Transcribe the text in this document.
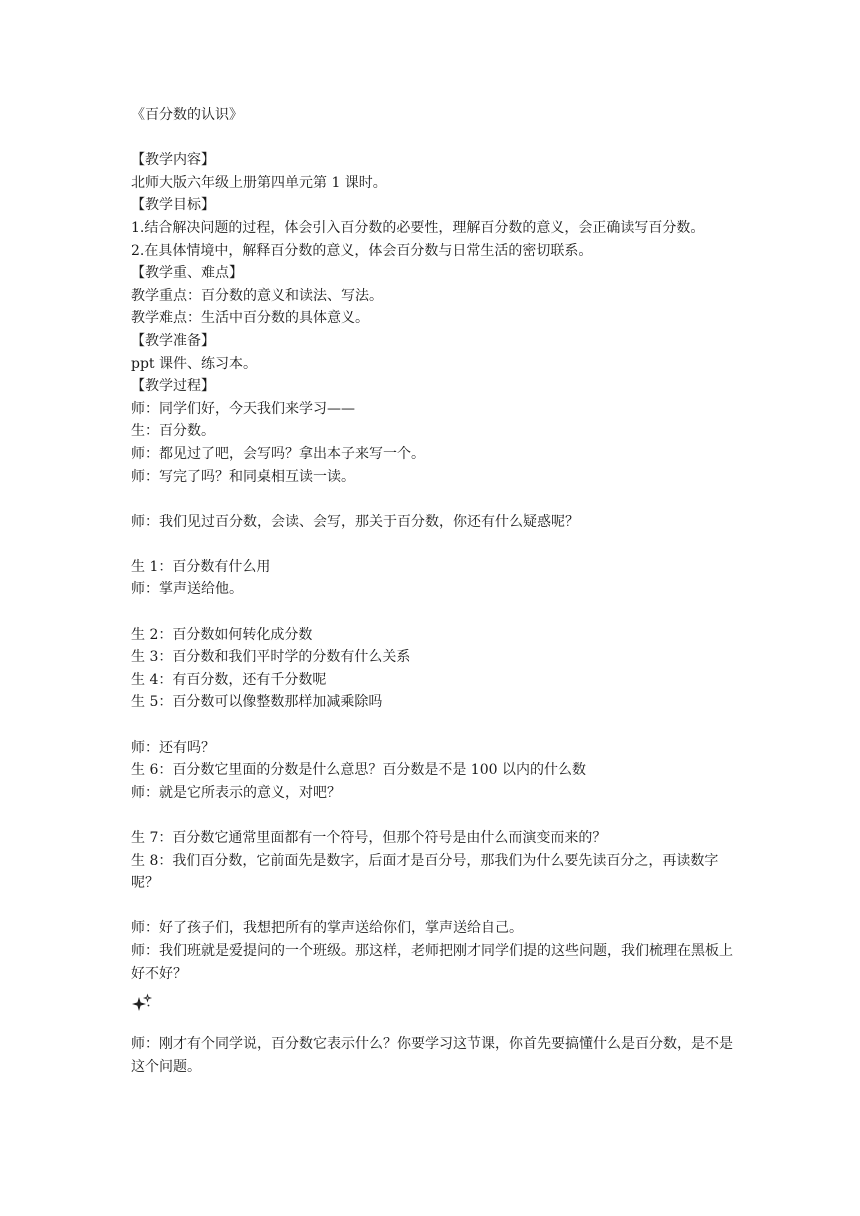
《百分数的认识》
【教学内容】
北师大版六年级上册第四单元第 1 课时。
【教学目标】
1.结合解决问题的过程，体会引入百分数的必要性，理解百分数的意义，会正确读写百分数。
2.在具体情境中，解释百分数的意义，体会百分数与日常生活的密切联系。
【教学重、难点】
教学重点：百分数的意义和读法、写法。
教学难点：生活中百分数的具体意义。
【教学准备】
ppt 课件、练习本。
【教学过程】
师：同学们好，今天我们来学习——
生：百分数。
师：都见过了吧，会写吗？拿出本子来写一个。
师：写完了吗？和同桌相互读一读。
师：我们见过百分数，会读、会写，那关于百分数，你还有什么疑惑呢？
生 1：百分数有什么用
师：掌声送给他。
生 2：百分数如何转化成分数
生 3：百分数和我们平时学的分数有什么关系
生 4：有百分数，还有千分数呢
生 5：百分数可以像整数那样加减乘除吗
师：还有吗？
生 6：百分数它里面的分数是什么意思？百分数是不是 100 以内的什么数
师：就是它所表示的意义，对吧？
生 7：百分数它通常里面都有一个符号，但那个符号是由什么而演变而来的？
生 8：我们百分数，它前面先是数字，后面才是百分号，那我们为什么要先读百分之，再读数字呢？
师：好了孩子们，我想把所有的掌声送给你们，掌声送给自己。
师：我们班就是爱提问的一个班级。那这样，老师把刚才同学们提的这些问题，我们梳理在黑板上好不好？
师：刚才有个同学说，百分数它表示什么？你要学习这节课，你首先要搞懂什么是百分数，是不是这个问题。
